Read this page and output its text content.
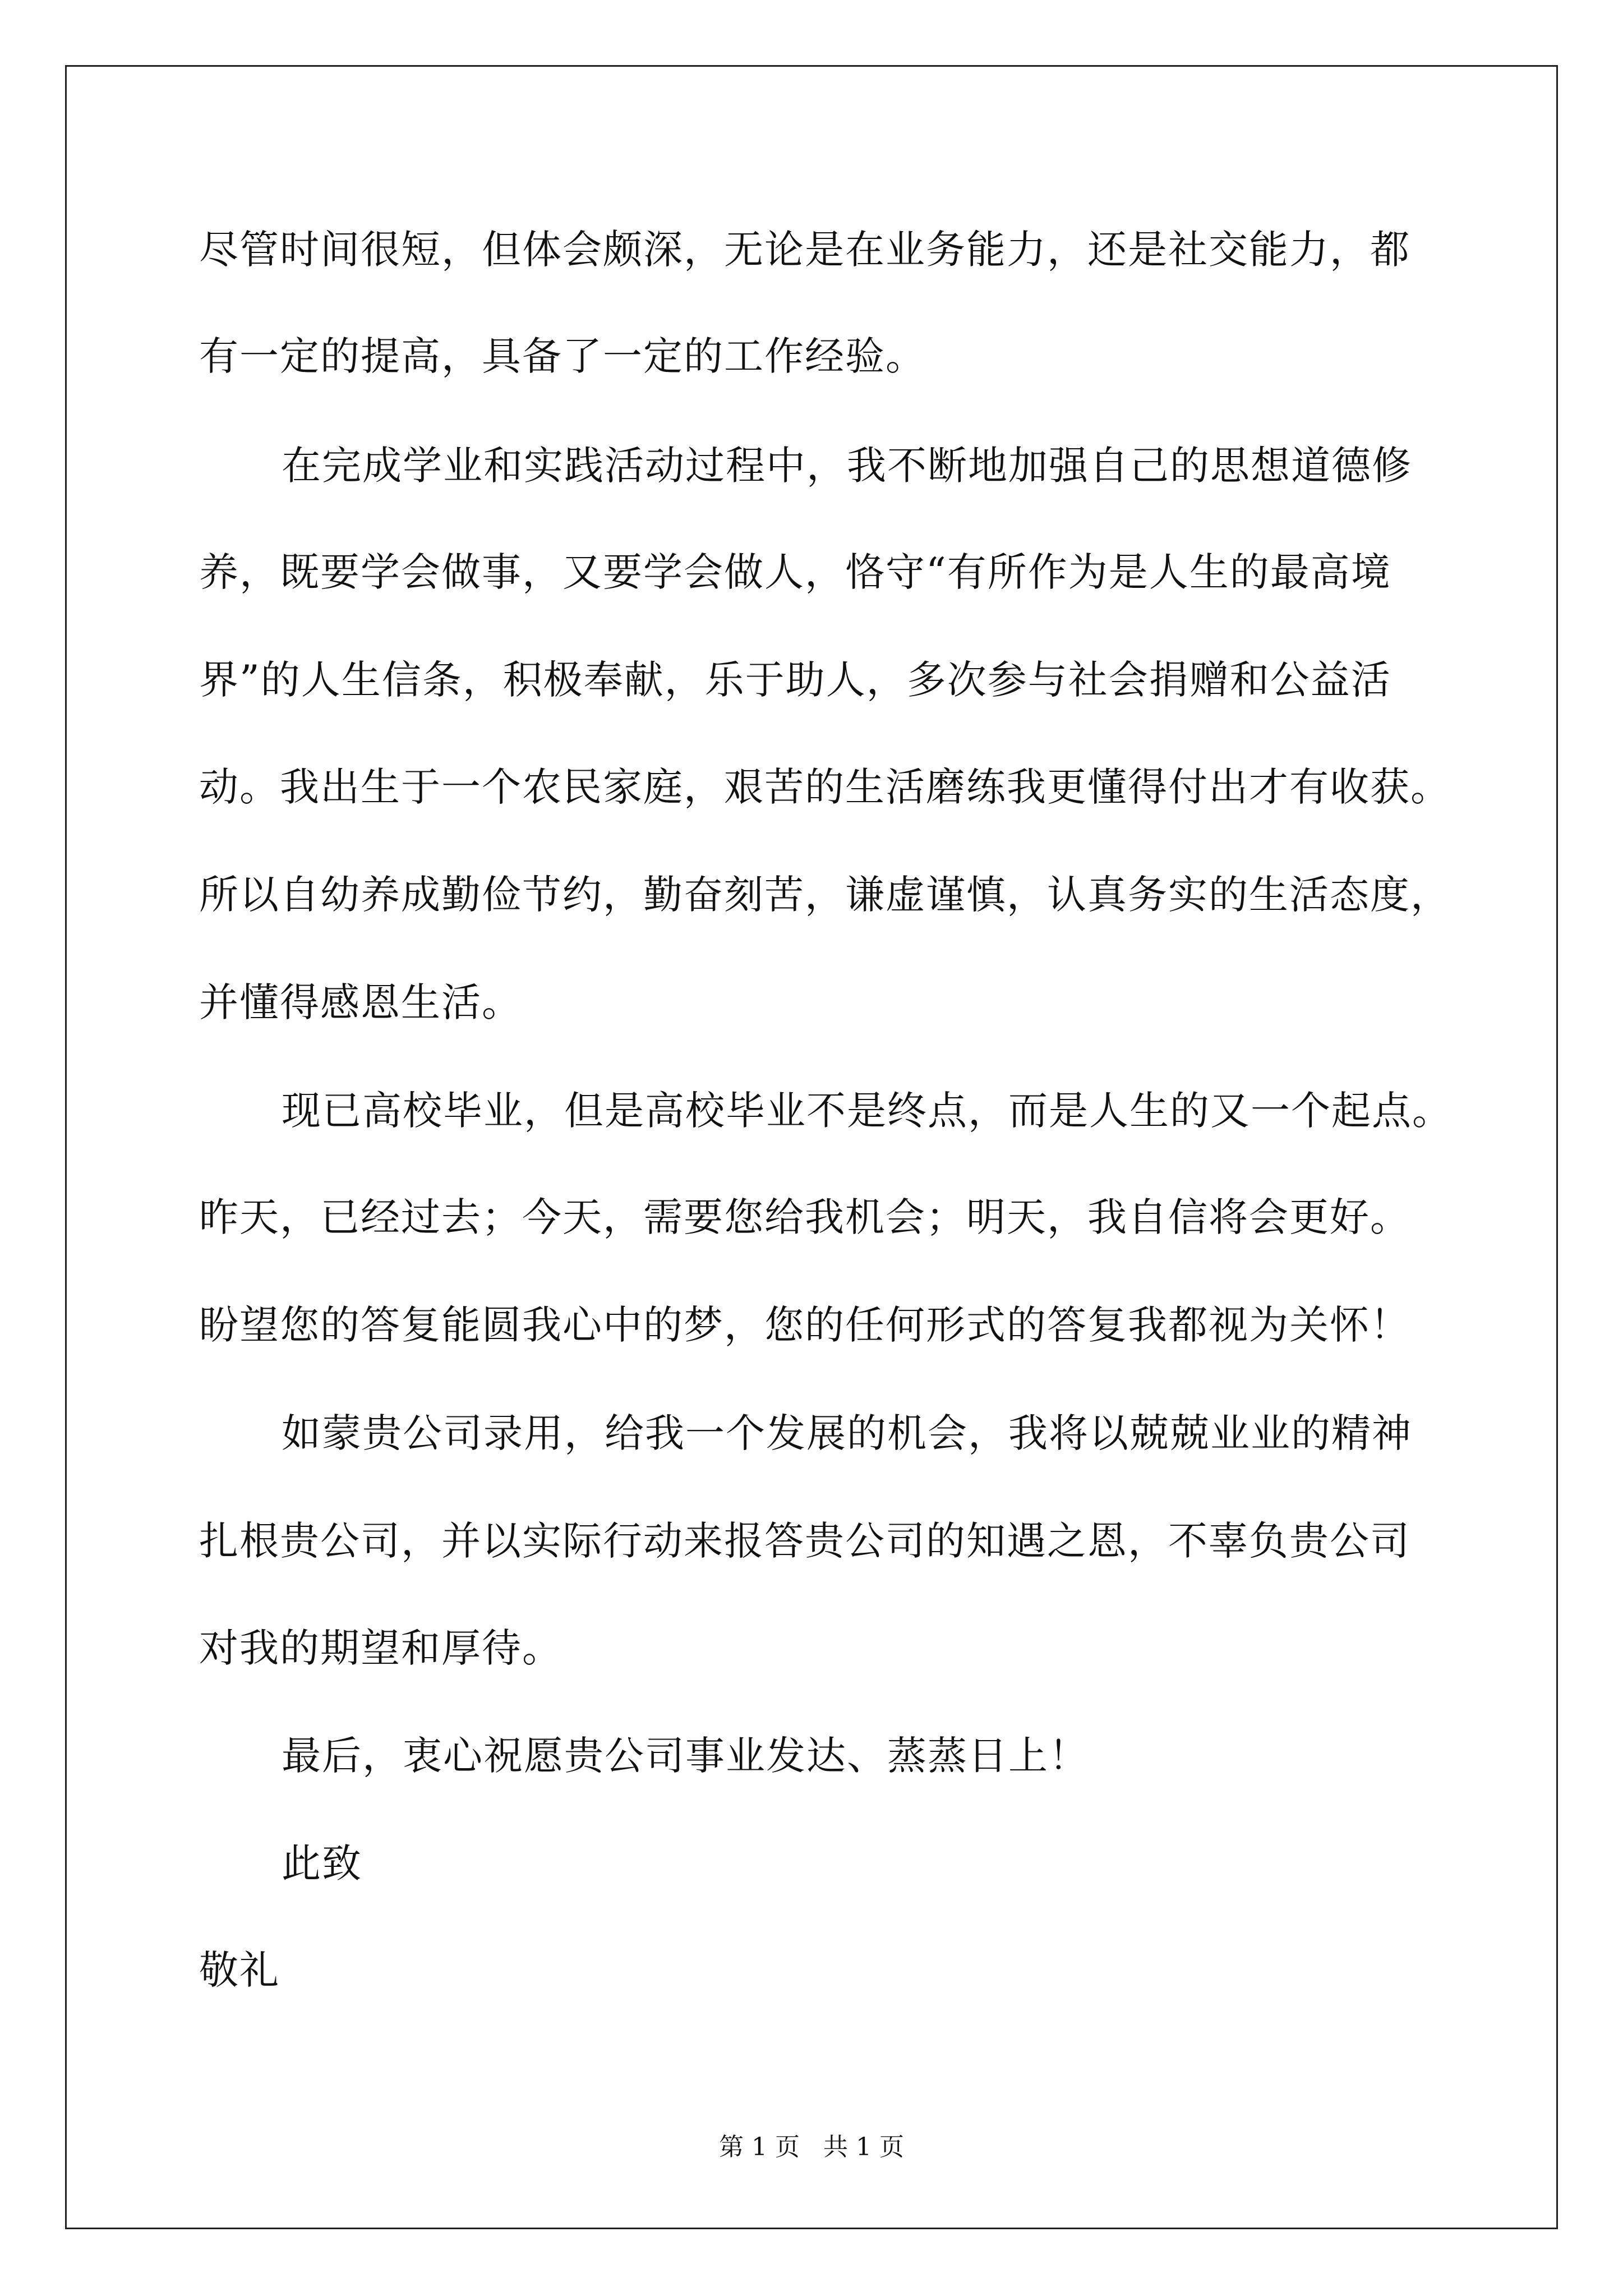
尽管时间很短，但体会颇深，无论是在业务能力，还是社交能力，都
有一定的提高，具备了一定的工作经验。
在完成学业和实践活动过程中，我不断地加强自己的思想道德修
养，既要学会做事，又要学会做人，恪守“有所作为是人生的最高境
界”的人生信条，积极奉献，乐于助人，多次参与社会捐赠和公益活
动。我出生于一个农民家庭，艰苦的生活磨练我更懂得付出才有收获。
所以自幼养成勤俭节约，勤奋刻苦，谦虚谨慎，认真务实的生活态度，
并懂得感恩生活。
现已高校毕业，但是高校毕业不是终点，而是人生的又一个起点。
昨天，已经过去；今天，需要您给我机会；明天，我自信将会更好。
盼望您的答复能圆我心中的梦，您的任何形式的答复我都视为关怀！
如蒙贵公司录用，给我一个发展的机会，我将以兢兢业业的精神
扎根贵公司，并以实际行动来报答贵公司的知遇之恩，不辜负贵公司
对我的期望和厚待。
最后，衷心祝愿贵公司事业发达、蒸蒸日上！
此致
敬礼
第 1 页   共 1 页
